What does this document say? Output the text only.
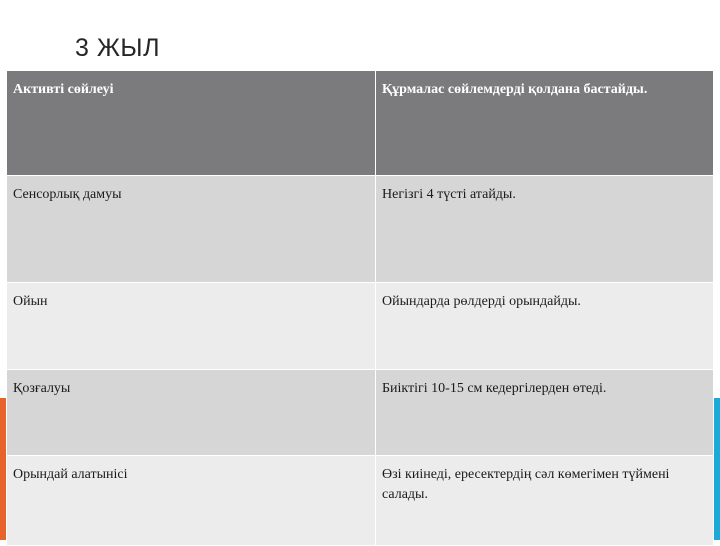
3 ЖЫЛ
Активті сөйлеуі	Құрмалас сөйлемдерді қолдана бастайды.
Сенсорлық дамуы	Негізгі 4 түсті атайды.
Ойын	Ойындарда рөлдерді орындайды.
Қозғалуы	Биіктігі 10-15 см кедергілерден өтеді.
Орындай алатынісі	Өзі киінеді, ересектердің сәл көмегімен түймені салады.
